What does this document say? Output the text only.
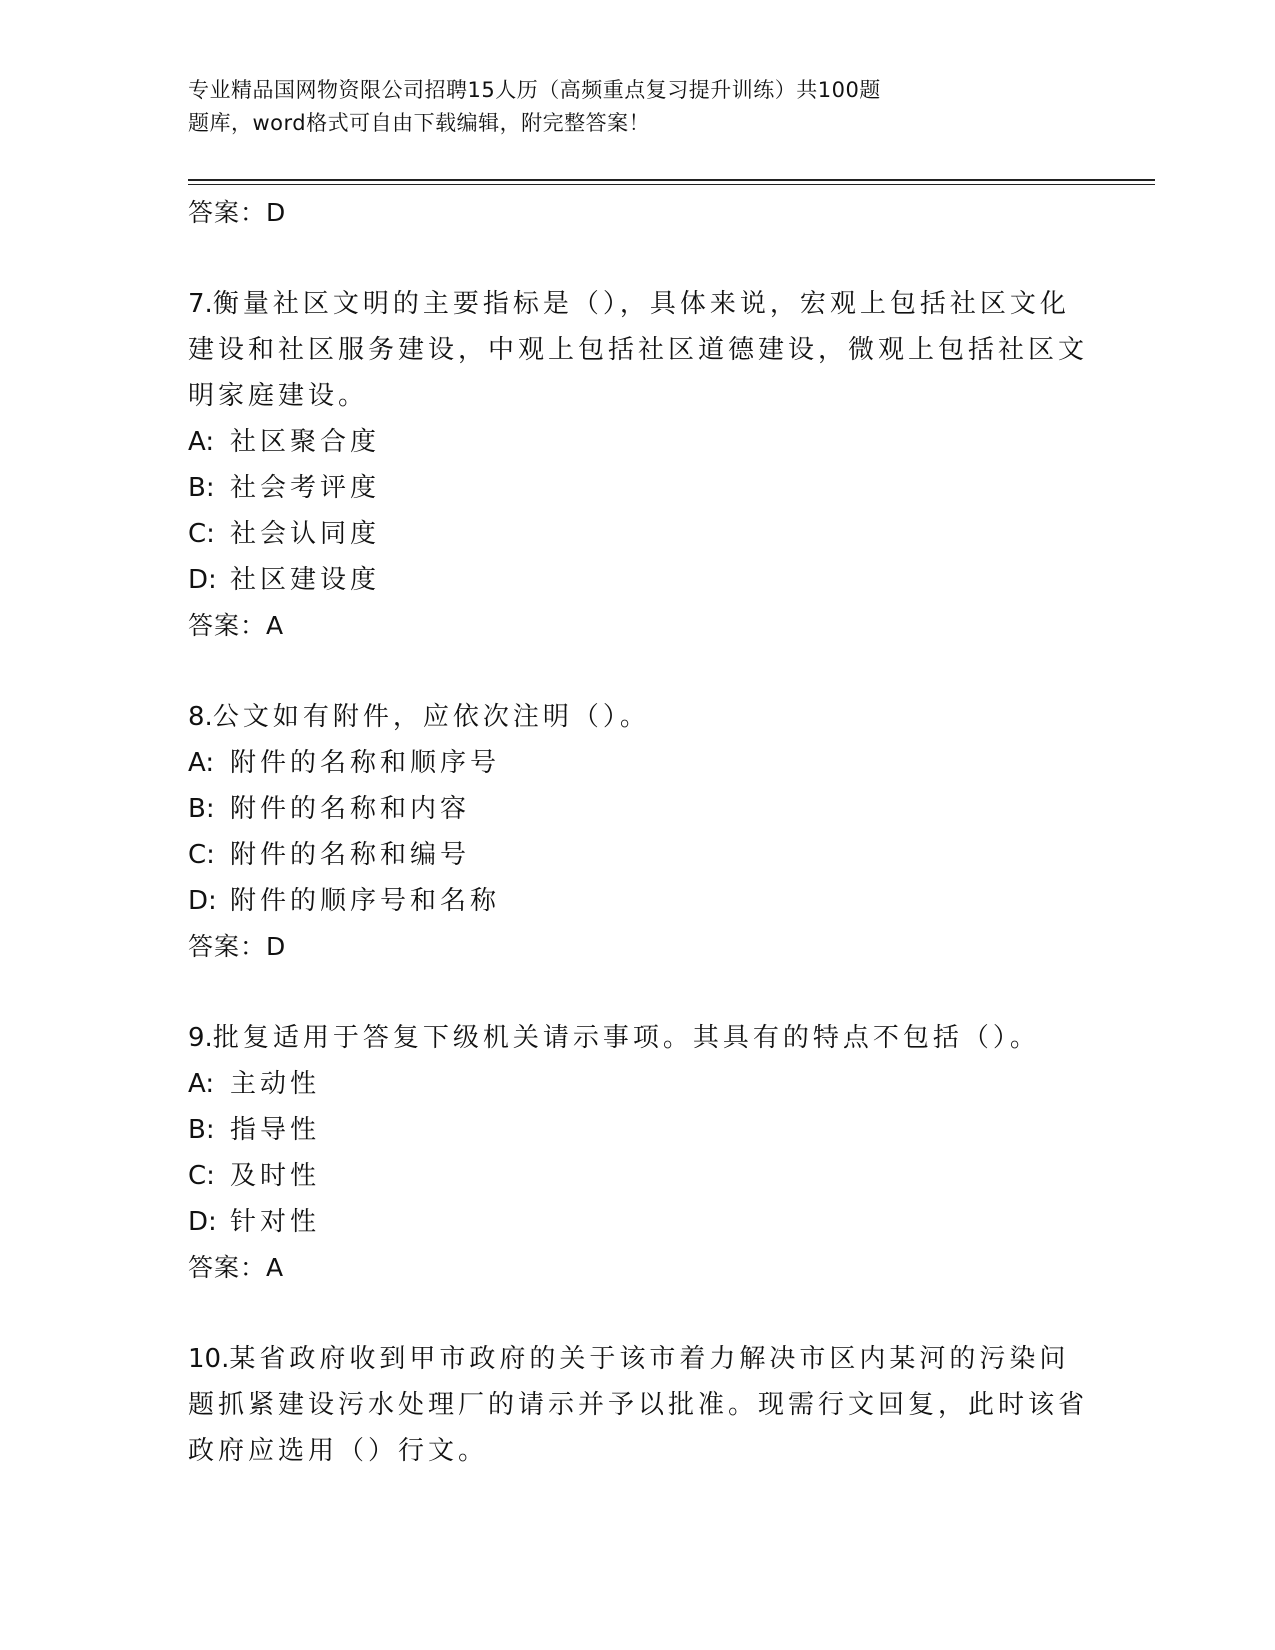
专业精品国网物资限公司招聘15人历（高频重点复习提升训练）共100题
题库，word格式可自由下载编辑，附完整答案！
答案：D
7.衡量社区文明的主要指标是（），具体来说，宏观上包括社区文化建设和社区服务建设，中观上包括社区道德建设，微观上包括社区文明家庭建设。
A: 社区聚合度
B: 社会考评度
C: 社会认同度
D: 社区建设度
答案：A
8.公文如有附件，应依次注明（）。
A: 附件的名称和顺序号
B: 附件的名称和内容
C: 附件的名称和编号
D: 附件的顺序号和名称
答案：D
9.批复适用于答复下级机关请示事项。其具有的特点不包括（）。
A: 主动性
B: 指导性
C: 及时性
D: 针对性
答案：A
10.某省政府收到甲市政府的关于该市着力解决市区内某河的污染问题抓紧建设污水处理厂的请示并予以批准。现需行文回复，此时该省政府应选用（）行文。
